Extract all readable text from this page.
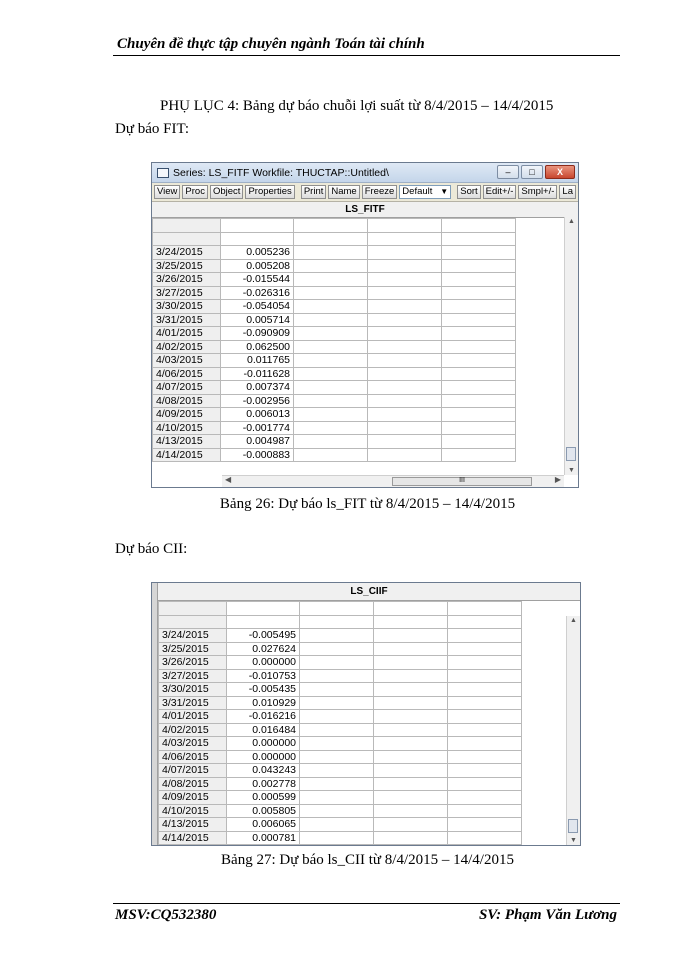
Chuyên đề thực tập chuyên ngành Toán tài chính
PHỤ LỤC 4: Bảng dự báo chuỗi lợi suất từ 8/4/2015 – 14/4/2015
Dự báo FIT:
Series: LS_FITF Workfile: THUCTAP::Untitled\	–	□	X
View Proc Object Properties	Print Name Freeze Default ▼	Sort Edit+/- Smpl+/- La
LS_FITF

3/24/2015	0.005236			
3/25/2015	0.005208			
3/26/2015	-0.015544			
3/27/2015	-0.026316			
3/30/2015	-0.054054			
3/31/2015	0.005714			
4/01/2015	-0.090909			
4/02/2015	0.062500			
4/03/2015	0.011765			
4/06/2015	-0.011628			
4/07/2015	0.007374			
4/08/2015	-0.002956			
4/09/2015	0.006013			
4/10/2015	-0.001774			
4/13/2015	0.004987			
4/14/2015	-0.000883			
▲
▼
◀	III	▶
Bảng 26: Dự báo ls_FIT từ 8/4/2015 – 14/4/2015
Dự báo CII:
LS_CIIF

3/24/2015	-0.005495			
3/25/2015	0.027624			
3/26/2015	0.000000			
3/27/2015	-0.010753			
3/30/2015	-0.005435			
3/31/2015	0.010929			
4/01/2015	-0.016216			
4/02/2015	0.016484			
4/03/2015	0.000000			
4/06/2015	0.000000			
4/07/2015	0.043243			
4/08/2015	0.002778			
4/09/2015	0.000599			
4/10/2015	0.005805			
4/13/2015	0.006065			
4/14/2015	0.000781			
▲
▼
Bảng 27: Dự báo ls_CII từ 8/4/2015 – 14/4/2015
MSV:CQ532380	SV: Phạm Văn Lương
